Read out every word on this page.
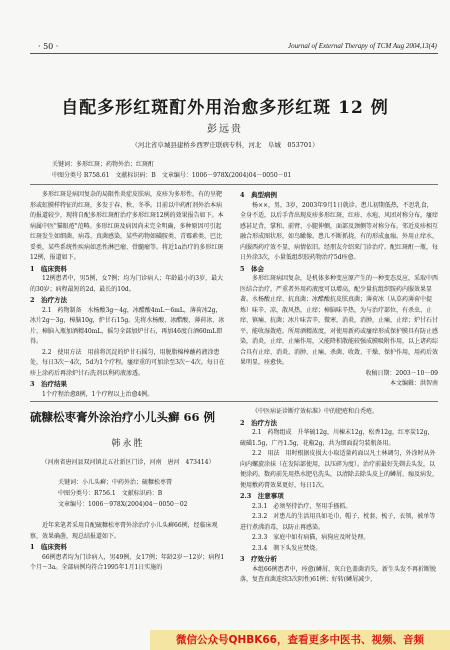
· 50 ·	Journal of External Therapy of TCM Aug 2004,13(4)
自配多形红斑酊外用治愈多形红斑 12 例
彭远贵
（河北省阜城县建桥乡西罗庄联病专科，河北　阜城　053701）
关键词：多形红斑；药物外治；红斑酊
中图分类号 R758.61　文献标识码：B　文章编号：1006－978X(2004)04－0050－01

多形红斑是病因复杂的局限性炎症皮肤病，皮疹为多形性，有的呈靶形或虹膜样特征的红斑，多发于春、秋、冬季。目前以中药酊剂外治本病的报道较少，现将自配多形红斑酊治疗多形红斑12例的效果报告如下。本病属中医"猫眼疮"范畴。多形红斑及病因尚未完全明确，多种原因可引起红斑发生如细菌、病毒、真菌感染，某些药物如磺胺类、青霉素类、巴比妥类，某些系统性疾病如恶性淋巴瘤、骨髓瘤等。将近1a治疗的多形红斑12例，报道如下。

1　临床资料

12例患者中，男5例，女7例；均为门诊病人；年龄最小的3岁，最大的30岁；病程最短的2d，最长的10d。

2　治疗方法

2.1　药物制备　水杨酸3g～4g，冰醋酸4mL～6mL，薄荷冰2g，冰片2g～3g，樟脑10g，炉甘石15g。先将水杨酸、冰醋酸、薄荷冰、冰片、樟脑入瓶加酒精40mL，摇匀全部加炉甘石，再加46度白酒60mL即得。

2.2　使用方法　用前将沉淀的炉甘石摇匀，用脱脂棉棒蘸药液涂患处，每日3次～4次，5d为1个疗程。瘙痒重的可加涂至3次～4次。每日在疹上涂药后再涂炉甘石洗剂以利药液渗透。

3　治疗结果

1个疗程治愈8例，1个疗程以上治愈4例。

4　典型病例

杨××，男，3岁，2003年9月1日就诊。患儿初期低热，不思乳食，全身不适，以后手背出现皮疹多形红斑，红疹、水疱、风团对称分布，瘙痒感甚足背，掌和、前臂、小腿伸侧，面部及颈侧等对称分布。邻近皮疹相互融合形成图状形，如鸟瞰像。患儿不断抓挠，有的形成血痂。外用止痒水，内服西药疗效不显，病情依旧。经朋友介绍来门诊治疗。配红斑酊一瓶，每日外涂3次，小量低组织胶药物治疗5d痊愈。

5　体会

多形红斑病因复杂，是机体多种变应原产生的一种变态反应，采取中西医结合治疗，严重者外用药液度可以增高，配少量抗组织胺药内服效果显著。水杨酸止痒、抗真菌；冰醋酸抗皮肤真菌；薄荷冰（从草药薄荷中提炼）味辛、凉，散风热，止痒；樟脑味辛热，为与治疗部位，有杀虫、止痒、镇痛、抗菌；冰片味苦辛，微寒，消炎，消肿，止痛，止痒；炉甘石甘平，能收湿敛疮。所用酒精浓度，对使用新药或瘙痒形成保护膜具有防止感染，消炎，止痒，止痛作用，又能降积散能较强成膜吸附作用，以上诸药综合具有止痒、消炎、消肿、止痛、杀菌、收敛、干燥、保护作用，用药后效果明显，痊愈快。

收稿日期：2003－10－09

本文编辑：洪智南

硫糠松枣膏外涂治疗小儿头癣 66 例
韩永胜
（河南省唐河县双河镇北五社新区门诊，河南　唐河　473414）
关键词：小儿头癣；中药外治；硫糠松枣膏
中图分类号：R756.1　文献标识码：B
文章编号：1006－978X(2004)04－0050－02

近年来笔者采用自配硫糠松枣膏外涂治疗小儿头癣66例，经临床观察，效果确凿，现总结报道如下。

1　临床资料

66例患者均为门诊病人，男49例，女17例；年龄2岁～12岁；病程1个月～3a。全部病例均符合1995年1月1日实施的

《中医病证诊断疗效标准》中的肥疮和白秃疮。

2　治疗方法

2.1　药物组成　升华硫12g，川楝末12g，松香12g，红枣炭12g，硫磺1.5g，广丹1.5g，花椒2g，共为细面混匀装瓶备用。

2.2　用法　用时根据皮损大小取适量药面以凡士林调匀，外涂时从外向内螺旋涂抹（在发际部使用，以压碎为度）。治疗前最好先剃去头发，以便涂药，数药前先用热水肥皂洗头，以清除去除头皮上的鳞屑、痂及病发，便用敷药膏效果更好，每日1次。

2.3　注意事项

2.3.1　必须坚持治疗，坚用手搔抓。

2.3.2　对患儿的生活用具如毛巾，帽子，枕套，梳子，衣领，被单等进行煮沸消毒，以防止再感染。

2.3.3　家庭中如有病猫，病狗应及时处理。

2.3.4　剃下头发应焚烧。

3　疗效分析

本组66例患者中，痊愈(鳞屑、灰白色盖菌消失，新生头发不再折断脱落，复查真菌连续3次阴性)61例；好转(鳞屑减少，

微信公众号QHBK66，查看更多中医书、视频、音频
